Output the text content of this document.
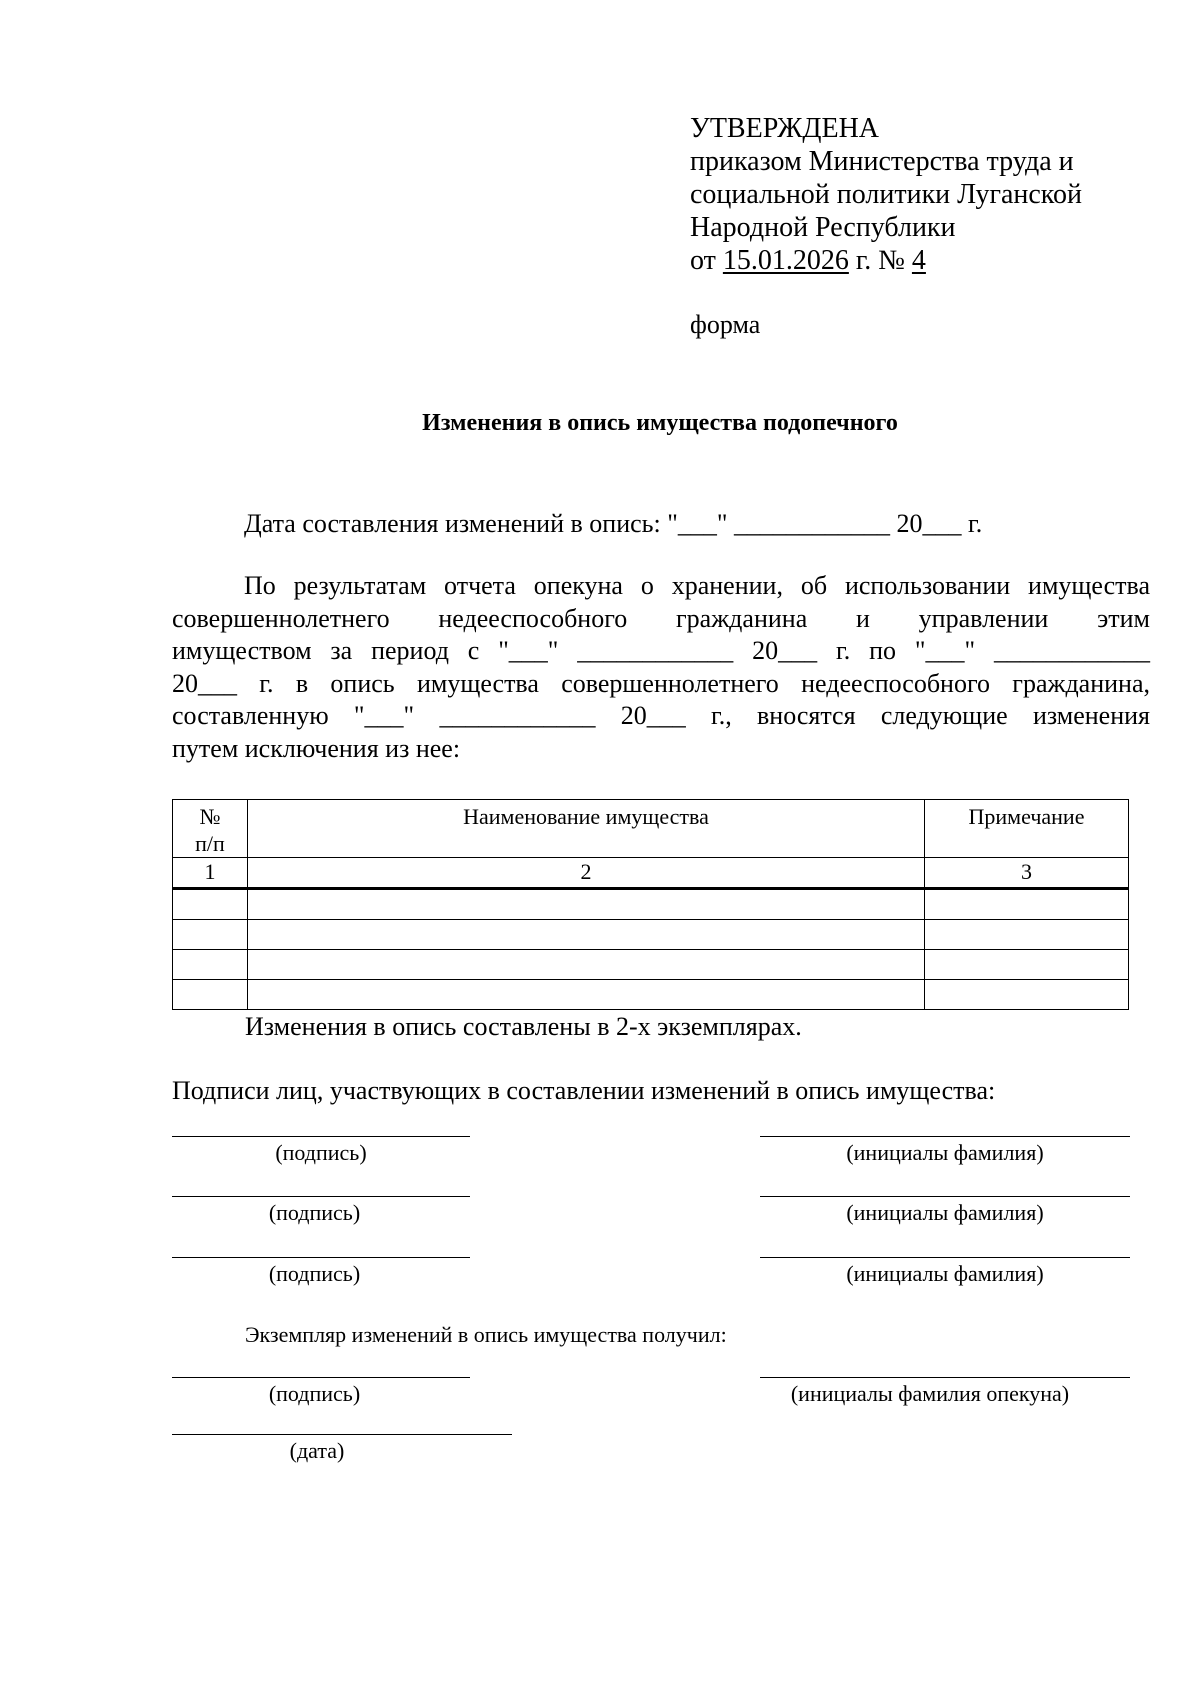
УТВЕРЖДЕНА
приказом Министерства труда и
социальной политики Луганской
Народной Республики
от 15.01.2026 г. № 4
форма
Изменения в опись имущества подопечного
Дата составления изменений в опись: "___" ____________ 20___ г.
По результатам отчета опекуна о хранении, об использовании имущества
совершеннолетнего недееспособного гражданина и управлении этим
имуществом за период с "___" ____________ 20___ г. по "___" ____________
20___ г. в опись имущества совершеннолетнего недееспособного гражданина,
составленную "___" ____________ 20___ г., вносятся следующие изменения
путем исключения из нее:
№
п/п	Наименование имущества	Примечание
1	2	3

Изменения в опись составлены в 2-х экземплярах.
Подписи лиц, участвующих в составлении изменений в опись имущества:
(подпись)	(инициалы фамилия)
(подпись)	(инициалы фамилия)
(подпись)	(инициалы фамилия)
Экземпляр изменений в опись имущества получил:
(подпись)	(инициалы фамилия опекуна)
(дата)
